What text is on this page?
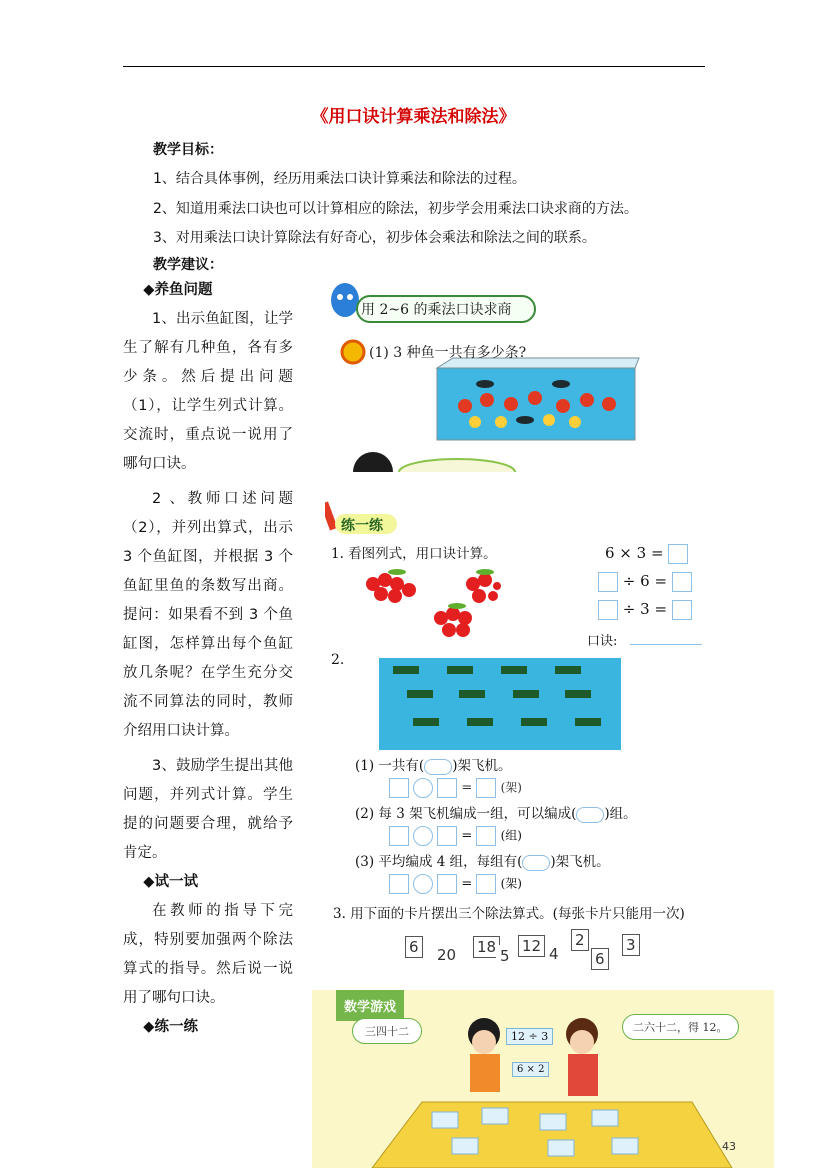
《用口诀计算乘法和除法》
教学目标：
1、结合具体事例，经历用乘法口诀计算乘法和除法的过程。
2、知道用乘法口诀也可以计算相应的除法，初步学会用乘法口诀求商的方法。
3、对用乘法口诀计算除法有好奇心，初步体会乘法和除法之间的联系。
教学建议：

◆养鱼问题

1、出示鱼缸图，让学生了解有几种鱼，各有多少条。然后提出问题（1），让学生列式计算。交流时，重点说一说用了哪句口诀。

2 、教师口述问题（2），并列出算式，出示 3 个鱼缸图，并根据 3 个鱼缸里鱼的条数写出商。提问：如果看不到 3 个鱼缸图，怎样算出每个鱼缸放几条呢？在学生充分交流不同算法的同时，教师介绍用口诀计算。

3、鼓励学生提出其他问题，并列式计算。学生提的问题要合理，就给予肯定。

◆试一试

在教师的指导下完成，特别要加强两个除法算式的指导。然后说一说用了哪句口诀。

◆练一练

用 2~6 的乘法口诀求商
(1) 3 种鱼一共有多少条?
练一练
1. 看图列式，用口诀计算。	6 × 3 =
÷ 6 =
÷ 3 =
口诀:
2.
(1) 一共有( )架飞机。
= (架)
(2) 每 3 架飞机编成一组，可以编成( )组。
= (组)
(3) 平均编成 4 组，每组有( )架飞机。
= (架)
3. 用下面的卡片摆出三个除法算式。(每张卡片只能用一次)
6 20 18 5
12 4
2
6
3
数学游戏
三四十二	二六十二，得 12。
12 ÷ 3
6 × 2
43
